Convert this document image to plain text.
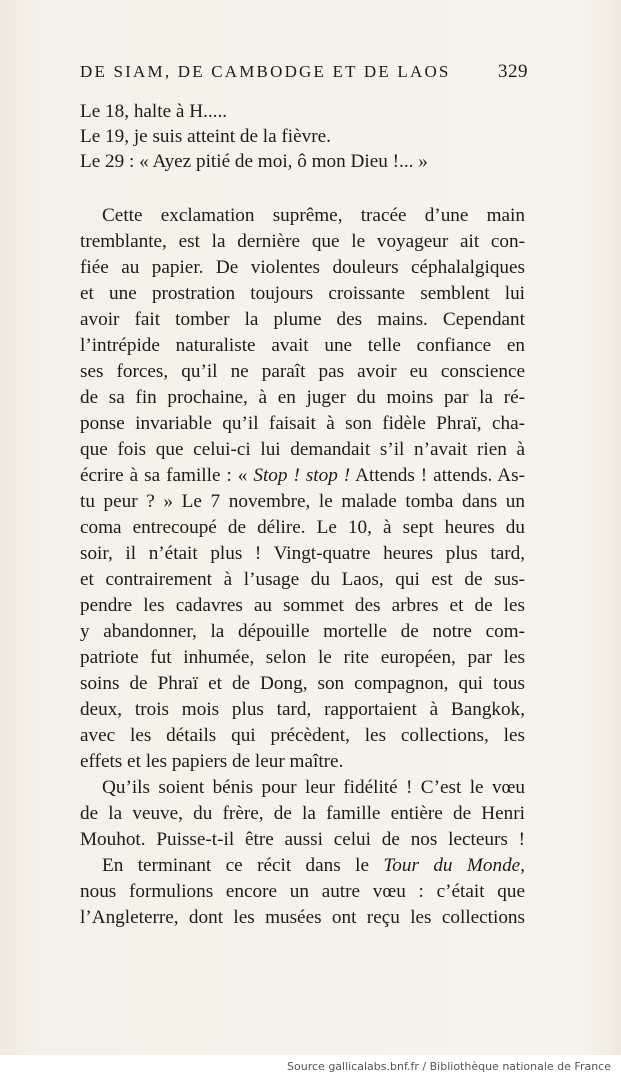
DE SIAM, DE CAMBODGE ET DE LAOS 329
Le 18, halte à H.....
Le 19, je suis atteint de la fièvre.
Le 29 : « Ayez pitié de moi, ô mon Dieu !... »
Cette exclamation suprême, tracée d’une main
tremblante, est la dernière que le voyageur ait con-
fiée au papier. De violentes douleurs céphalalgiques
et une prostration toujours croissante semblent lui
avoir fait tomber la plume des mains. Cependant
l’intrépide naturaliste avait une telle confiance en
ses forces, qu’il ne paraît pas avoir eu conscience
de sa fin prochaine, à en juger du moins par la ré-
ponse invariable qu’il faisait à son fidèle Phraï, cha-
que fois que celui-ci lui demandait s’il n’avait rien à
écrire à sa famille : « Stop ! stop ! Attends ! attends. As-
tu peur ? » Le 7 novembre, le malade tomba dans un
coma entrecoupé de délire. Le 10, à sept heures du
soir, il n’était plus ! Vingt-quatre heures plus tard,
et contrairement à l’usage du Laos, qui est de sus-
pendre les cadavres au sommet des arbres et de les
y abandonner, la dépouille mortelle de notre com-
patriote fut inhumée, selon le rite européen, par les
soins de Phraï et de Dong, son compagnon, qui tous
deux, trois mois plus tard, rapportaient à Bangkok,
avec les détails qui précèdent, les collections, les
effets et les papiers de leur maître.
Qu’ils soient bénis pour leur fidélité ! C’est le vœu
de la veuve, du frère, de la famille entière de Henri
Mouhot. Puisse-t-il être aussi celui de nos lecteurs !
En terminant ce récit dans le Tour du Monde,
nous formulions encore un autre vœu : c’était que
l’Angleterre, dont les musées ont reçu les collections
Source gallicalabs.bnf.fr / Bibliothèque nationale de France
